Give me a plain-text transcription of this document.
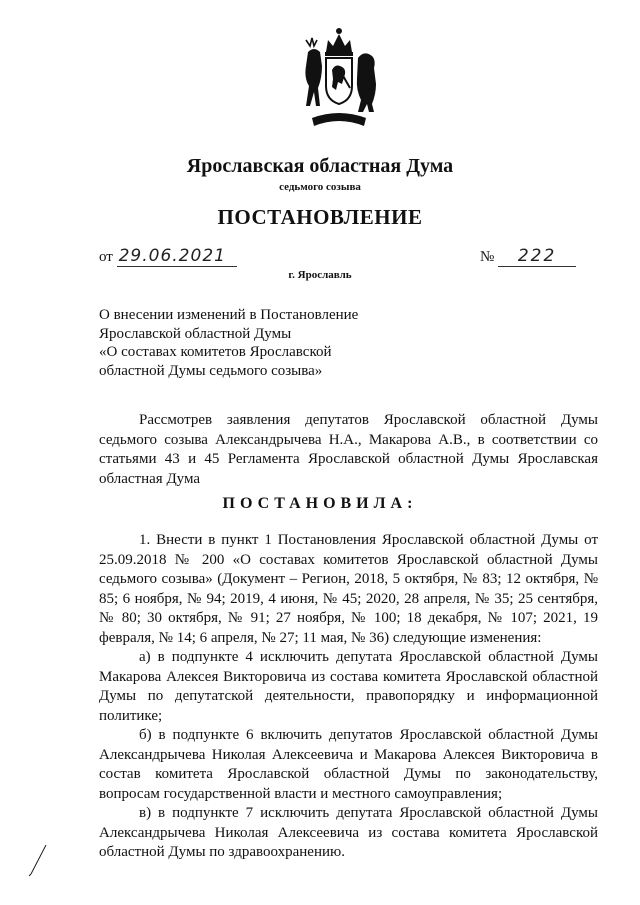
Ярославская областная Дума
седьмого созыва
ПОСТАНОВЛЕНИЕ
от 29.06.2021	№ 222
г. Ярославль
О внесении изменений в Постановление
Ярославской областной Думы
«О составах комитетов Ярославской
областной Думы седьмого созыва»

Рассмотрев заявления депутатов Ярославской областной Думы седьмого созыва Александрычева Н.А., Макарова А.В., в соответствии со статьями 43 и 45 Регламента Ярославской областной Думы Ярославская областная Дума

ПОСТАНОВИЛА:

1. Внести в пункт 1 Постановления Ярославской областной Думы от 25.09.2018 № 200 «О составах комитетов Ярославской областной Думы седьмого созыва» (Документ – Регион, 2018, 5 октября, № 83; 12 октября, № 85; 6 ноября, № 94; 2019, 4 июня, № 45; 2020, 28 апреля, № 35; 25 сентября, № 80; 30 октября, № 91; 27 ноября, № 100; 18 декабря, № 107; 2021, 19 февраля, № 14; 6 апреля, № 27; 11 мая, № 36) следующие изменения:

а) в подпункте 4 исключить депутата Ярославской областной Думы Макарова Алексея Викторовича из состава комитета Ярославской областной Думы по депутатской деятельности, правопорядку и информационной политике;

б) в подпункте 6 включить депутатов Ярославской областной Думы Александрычева Николая Алексеевича и Макарова Алексея Викторовича в состав комитета Ярославской областной Думы по законодательству, вопросам государственной власти и местного самоуправления;

в) в подпункте 7 исключить депутата Ярославской областной Думы Александрычева Николая Алексеевича из состава комитета Ярославской областной Думы по здравоохранению.
